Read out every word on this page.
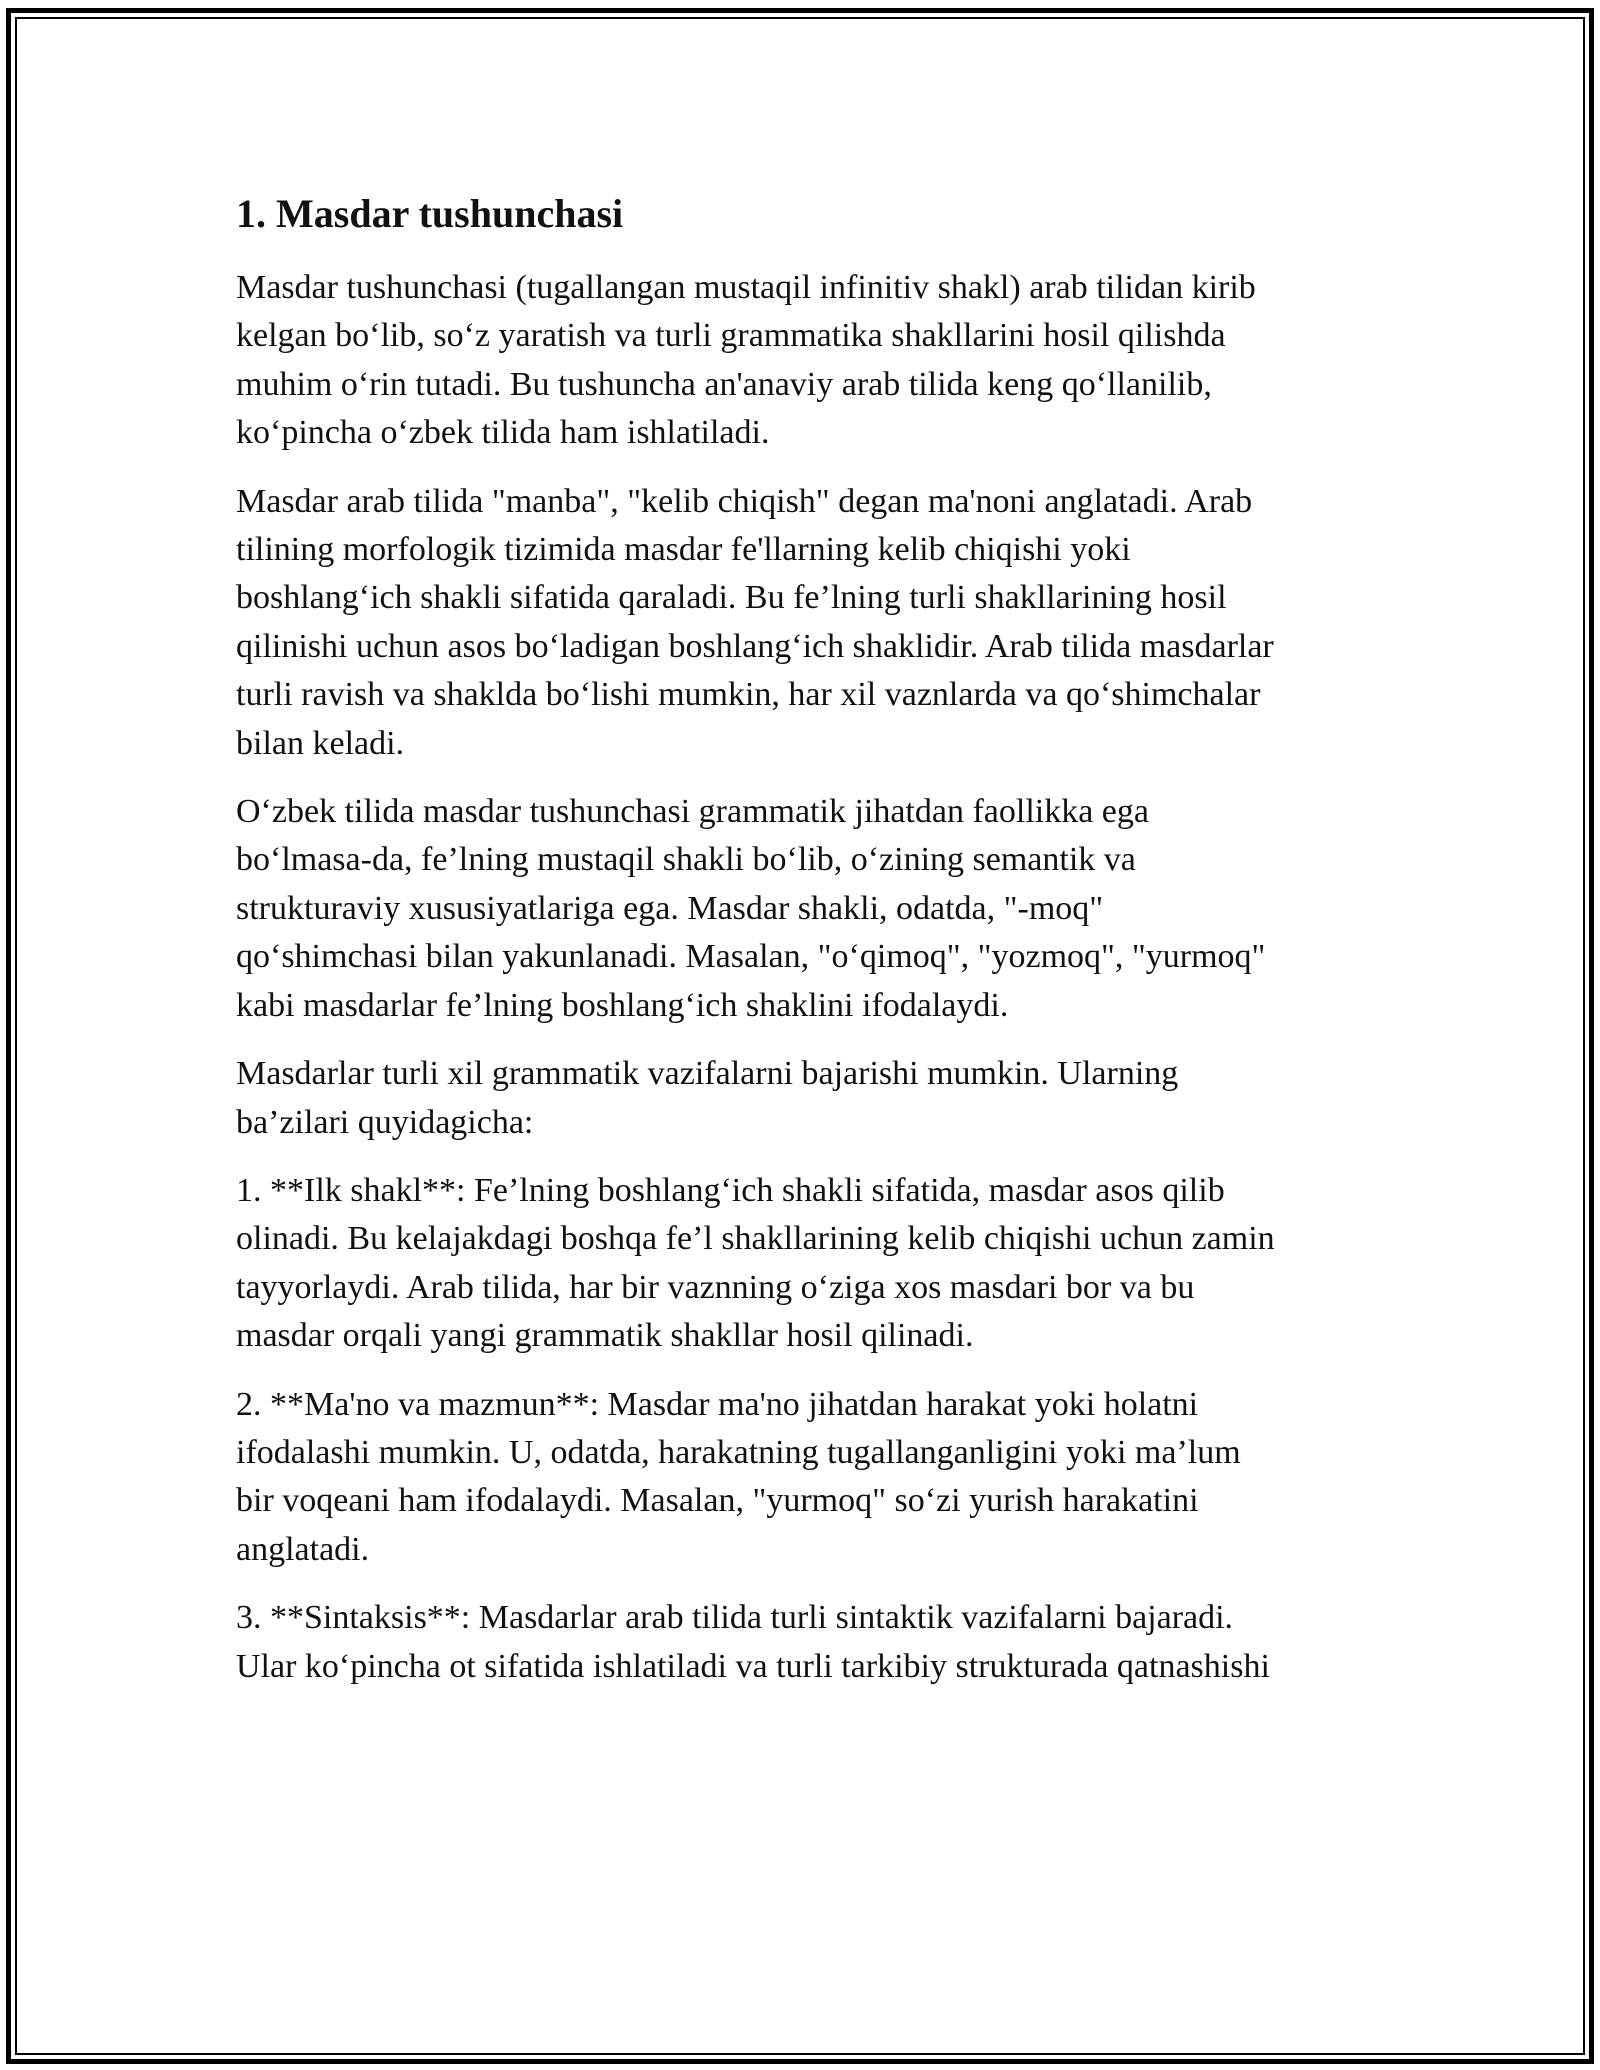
1. Masdar tushunchasi

Masdar tushunchasi (tugallangan mustaqil infinitiv shakl) arab tilidan kirib
kelgan bo‘lib, so‘z yaratish va turli grammatika shakllarini hosil qilishda
muhim o‘rin tutadi. Bu tushuncha an'anaviy arab tilida keng qo‘llanilib,
ko‘pincha o‘zbek tilida ham ishlatiladi.

Masdar arab tilida "manba", "kelib chiqish" degan ma'noni anglatadi. Arab
tilining morfologik tizimida masdar fe'llarning kelib chiqishi yoki
boshlang‘ich shakli sifatida qaraladi. Bu fe’lning turli shakllarining hosil
qilinishi uchun asos bo‘ladigan boshlang‘ich shaklidir. Arab tilida masdarlar
turli ravish va shaklda bo‘lishi mumkin, har xil vaznlarda va qo‘shimchalar
bilan keladi.

O‘zbek tilida masdar tushunchasi grammatik jihatdan faollikka ega
bo‘lmasa-da, fe’lning mustaqil shakli bo‘lib, o‘zining semantik va
strukturaviy xususiyatlariga ega. Masdar shakli, odatda, "-moq"
qo‘shimchasi bilan yakunlanadi. Masalan, "o‘qimoq", "yozmoq", "yurmoq"
kabi masdarlar fe’lning boshlang‘ich shaklini ifodalaydi.

Masdarlar turli xil grammatik vazifalarni bajarishi mumkin. Ularning
ba’zilari quyidagicha:

1. **Ilk shakl**: Fe’lning boshlang‘ich shakli sifatida, masdar asos qilib
olinadi. Bu kelajakdagi boshqa fe’l shakllarining kelib chiqishi uchun zamin
tayyorlaydi. Arab tilida, har bir vaznning o‘ziga xos masdari bor va bu
masdar orqali yangi grammatik shakllar hosil qilinadi.

2. **Ma'no va mazmun**: Masdar ma'no jihatdan harakat yoki holatni
ifodalashi mumkin. U, odatda, harakatning tugallanganligini yoki ma’lum
bir voqeani ham ifodalaydi. Masalan, "yurmoq" so‘zi yurish harakatini
anglatadi.

3. **Sintaksis**: Masdarlar arab tilida turli sintaktik vazifalarni bajaradi.
Ular ko‘pincha ot sifatida ishlatiladi va turli tarkibiy strukturada qatnashishi
